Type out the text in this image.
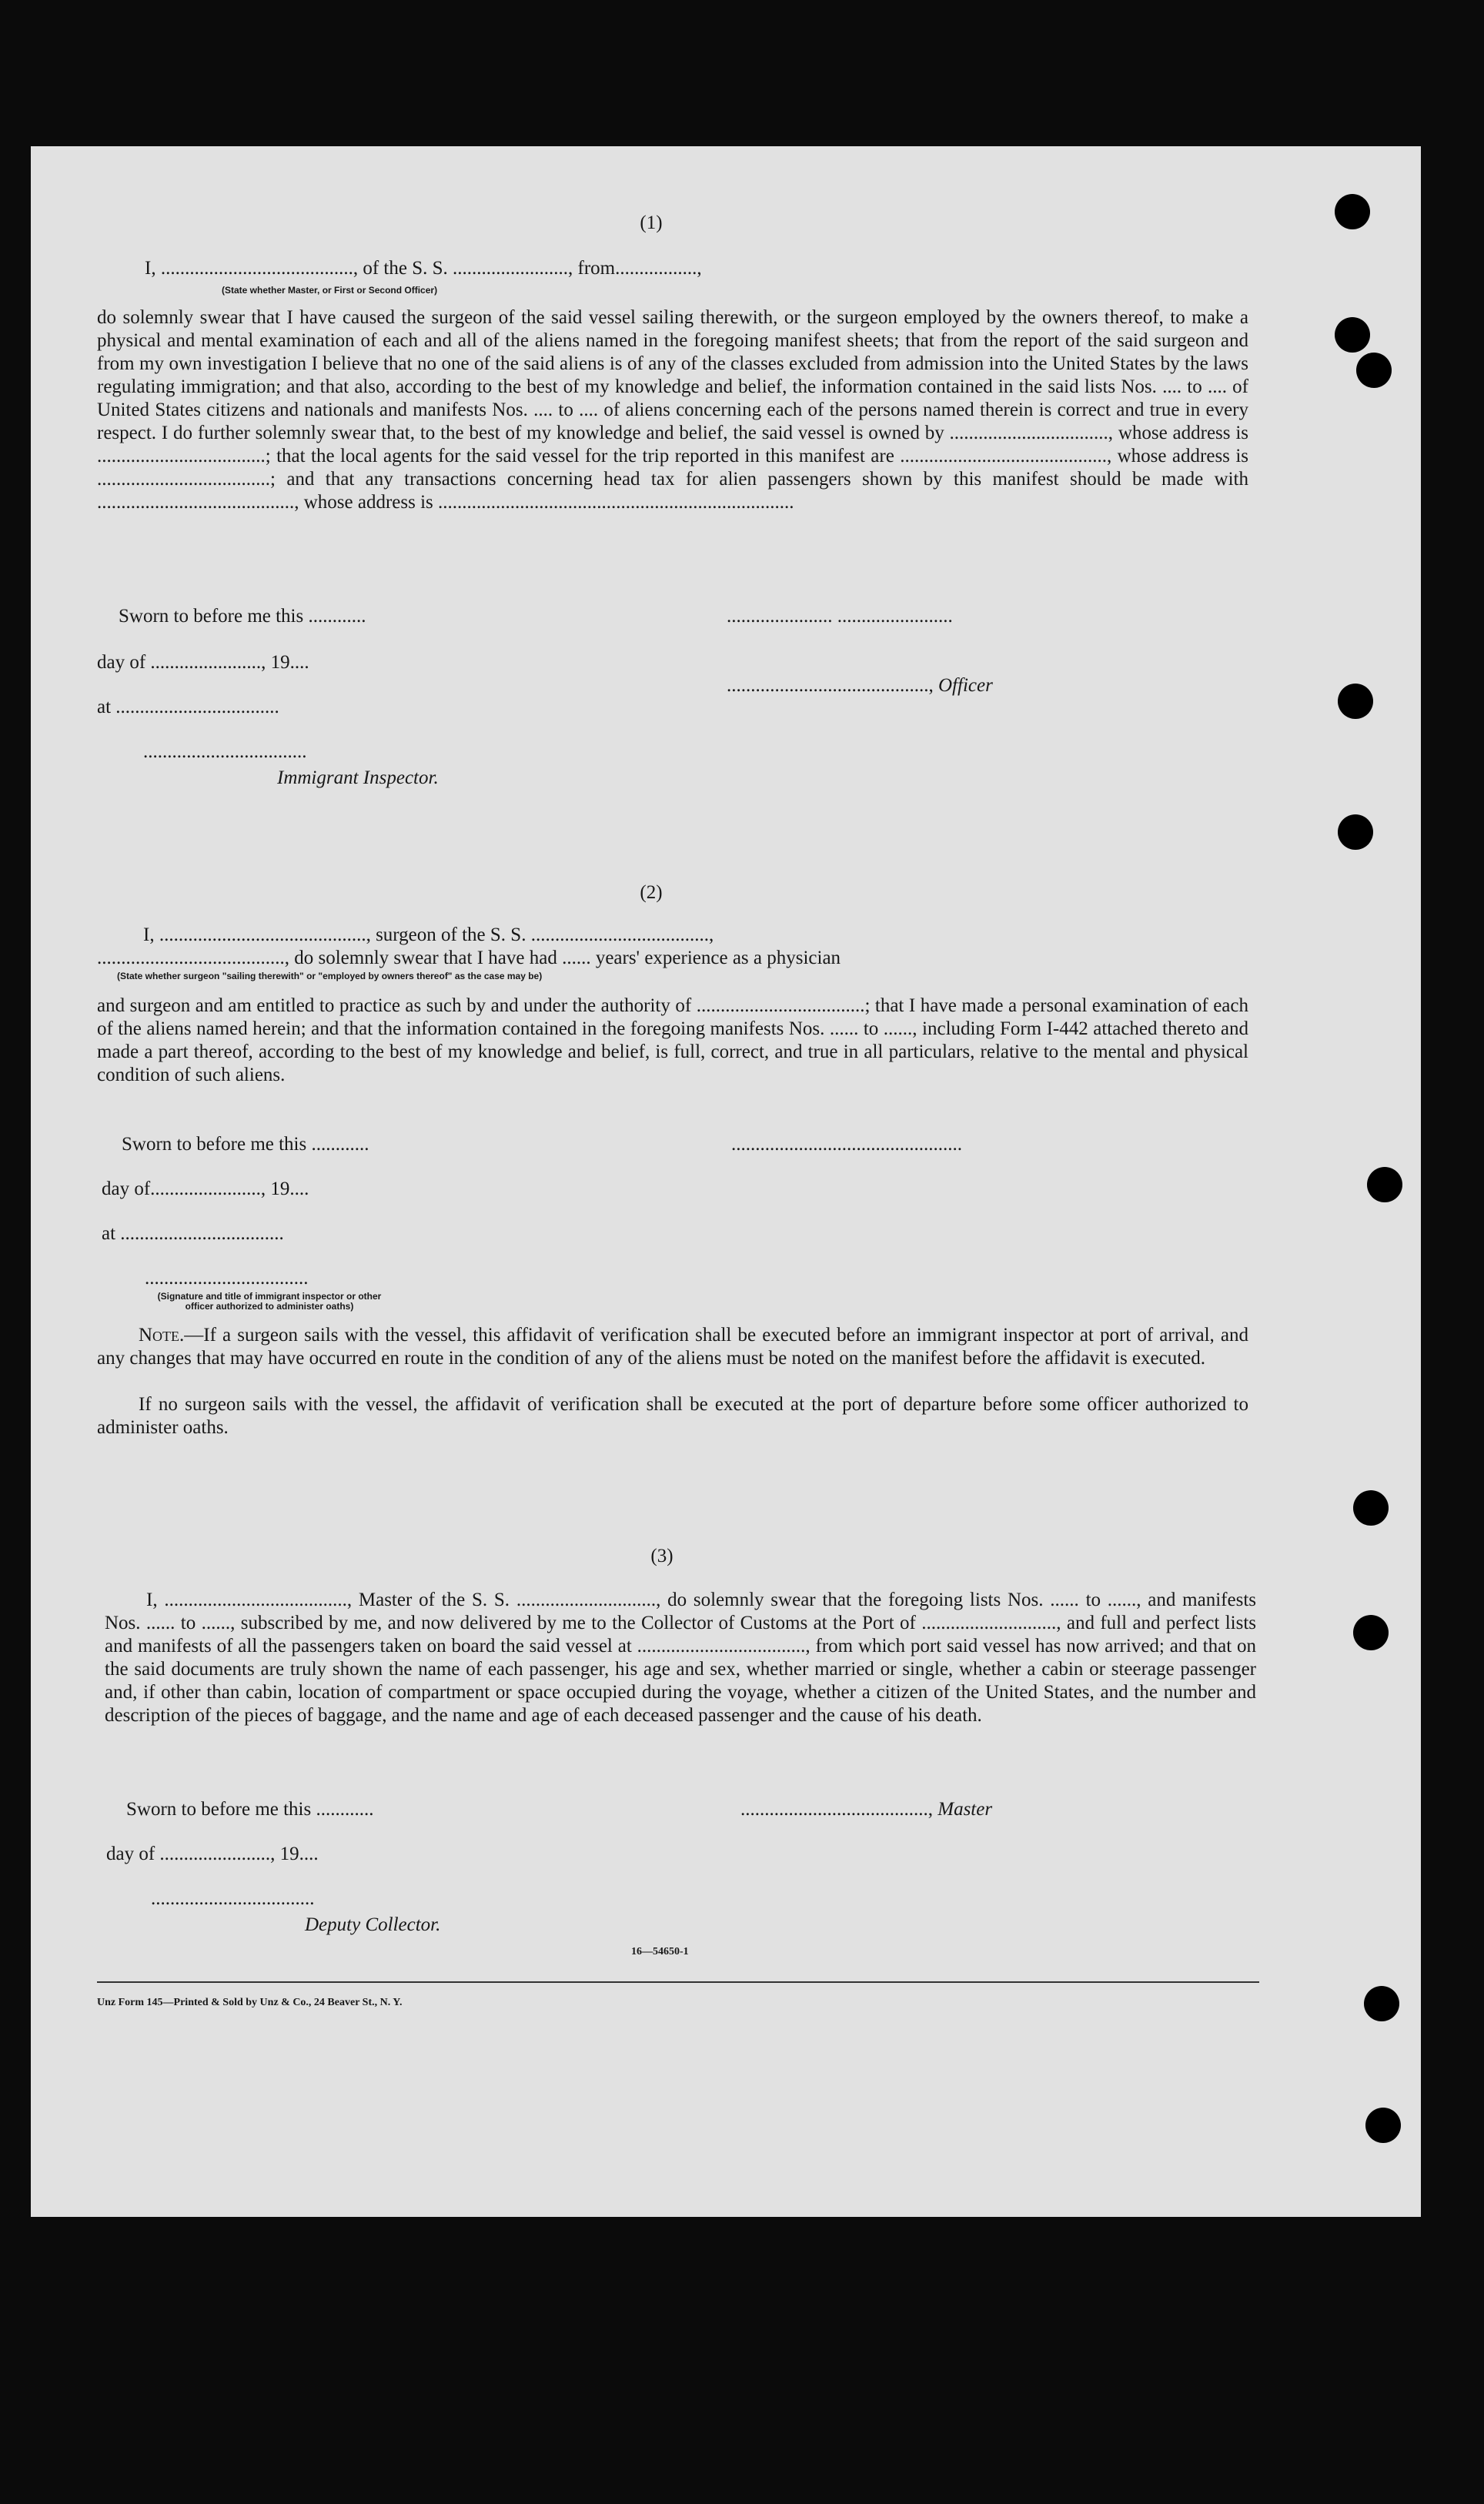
(1)
I, ........................................, of the S. S. ........................, from.................,
(State whether Master, or First or Second Officer)
do solemnly swear that I have caused the surgeon of the said vessel sailing therewith, or the surgeon employed by the owners thereof, to make a physical and mental examination of each and all of the aliens named in the foregoing manifest sheets; that from the report of the said surgeon and from my own investigation I believe that no one of the said aliens is of any of the classes excluded from admission into the United States by the laws regulating immigration; and that also, according to the best of my knowledge and belief, the information contained in the said lists Nos. .... to .... of United States citizens and nationals and manifests Nos. .... to .... of aliens concerning each of the persons named therein is correct and true in every respect. I do further solemnly swear that, to the best of my knowledge and belief, the said vessel is owned by ................................., whose address is ...................................; that the local agents for the said vessel for the trip reported in this manifest are ..........................................., whose address is ....................................; and that any transactions concerning head tax for alien passengers shown by this manifest should be made with ........................................., whose address is ..........................................................................
Sworn to before me this ............
day of ......................., 19....
at ..................................
..................................
Immigrant Inspector.
...................... ........................
.........................................., Officer
(2)
I, ..........................................., surgeon of the S. S. .....................................,
......................................., do solemnly swear that I have had ...... years' experience as a physician
(State whether surgeon "sailing therewith" or "employed by owners thereof" as the case may be)
and surgeon and am entitled to practice as such by and under the authority of ...................................; that I have made a personal examination of each of the aliens named herein; and that the information contained in the foregoing manifests Nos. ...... to ......, including Form I-442 attached thereto and made a part thereof, according to the best of my knowledge and belief, is full, correct, and true in all particulars, relative to the mental and physical condition of such aliens.
Sworn to before me this ............
day of......................., 19....
at ..................................
..................................
(Signature and title of immigrant inspector or other officer authorized to administer oaths)
................................................
Note.—If a surgeon sails with the vessel, this affidavit of verification shall be executed before an immigrant inspector at port of arrival, and any changes that may have occurred en route in the condition of any of the aliens must be noted on the manifest before the affidavit is executed.
If no surgeon sails with the vessel, the affidavit of verification shall be executed at the port of departure before some officer authorized to administer oaths.
(3)
I, ......................................, Master of the S. S. ............................., do solemnly swear that the foregoing lists Nos. ...... to ......, and manifests Nos. ...... to ......, subscribed by me, and now delivered by me to the Collector of Customs at the Port of ............................, and full and perfect lists and manifests of all the passengers taken on board the said vessel at ..................................., from which port said vessel has now arrived; and that on the said documents are truly shown the name of each passenger, his age and sex, whether married or single, whether a cabin or steerage passenger and, if other than cabin, location of compartment or space occupied during the voyage, whether a citizen of the United States, and the number and description of the pieces of baggage, and the name and age of each deceased passenger and the cause of his death.
Sworn to before me this ............
day of ......................., 19....
..................................
Deputy Collector.
......................................., Master
16—54650-1
Unz Form 145—Printed & Sold by Unz & Co., 24 Beaver St., N. Y.
